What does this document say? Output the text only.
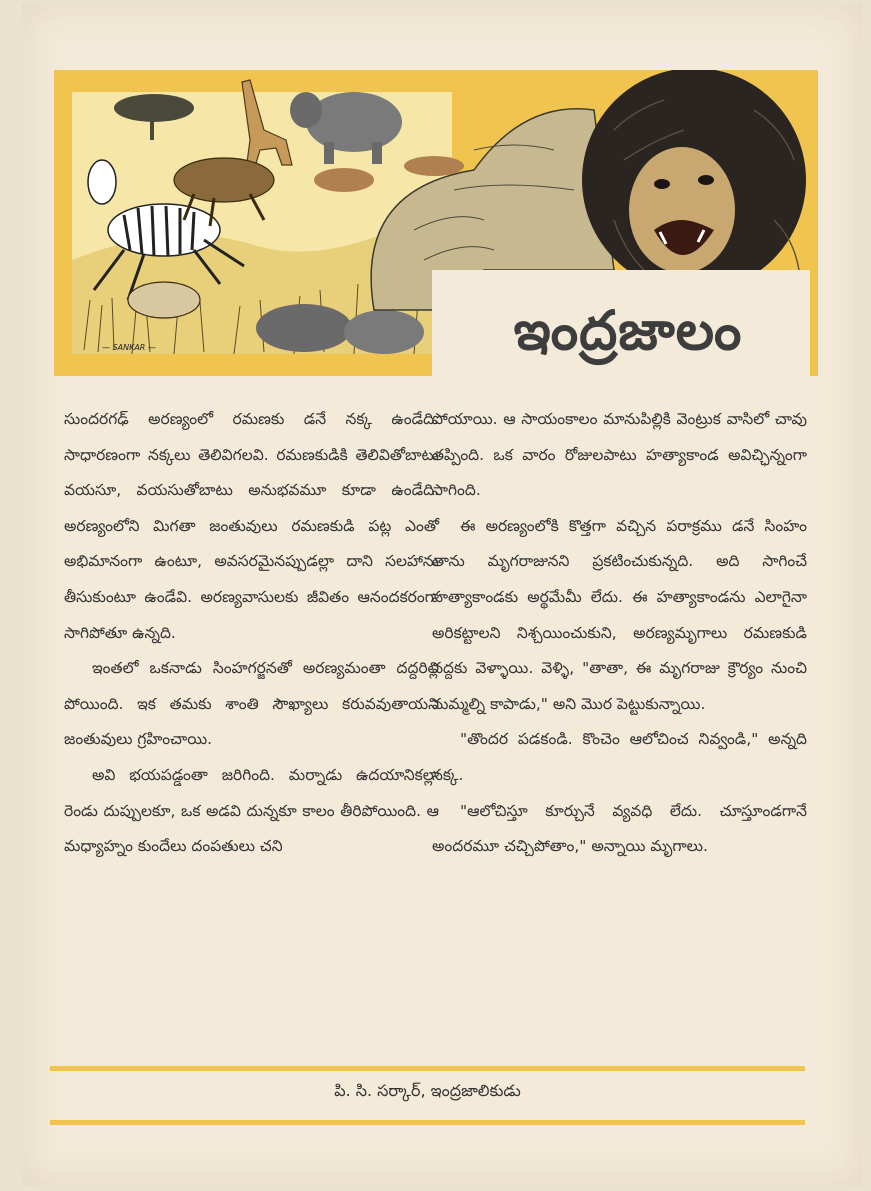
— SANKAR —	ఇంద్రజాలం

సుందరగఢ్ అరణ్యంలో రమణకు డనే నక్క ఉండేది. సాధారణంగా నక్కలు తెలివిగలవి. రమణకుడికి తెలివితోబాటు వయసూ, వయసుతోబాటు అనుభవమూ కూడా ఉండేది. అరణ్యంలోని మిగతా జంతువులు రమణకుడి పట్ల ఎంతో అభిమానంగా ఉంటూ, అవసరమైనప్పుడల్లా దాని సలహాను తీసుకుంటూ ఉండేవి. అరణ్యవాసులకు జీవితం ఆనందకరంగా సాగిపోతూ ఉన్నది.

ఇంతలో ఒకనాడు సింహగర్జనతో అరణ్యమంతా దద్దరిల్లి పోయింది. ఇక తమకు శాంతి సౌఖ్యాలు కరువవుతాయని జంతువులు గ్రహించాయి.

అవి భయపడ్డంతా జరిగింది. మర్నాడు ఉదయానికల్లా రెండు దుప్పులకూ, ఒక అడవి దున్నకూ కాలం తీరిపోయింది. ఆ మధ్యాహ్నం కుందేలు దంపతులు చని

పోయాయి. ఆ సాయంకాలం మానుపిల్లికి వెంట్రుక వాసిలో చావు తప్పింది. ఒక వారం రోజులపాటు హత్యాకాండ అవిచ్ఛిన్నంగా సాగింది.

ఈ అరణ్యంలోకి కొత్తగా వచ్చిన పరాక్రము డనే సింహం తాను మృగరాజునని ప్రకటించుకున్నది. అది సాగించే హత్యాకాండకు అర్థమేమీ లేదు. ఈ హత్యాకాండను ఎలాగైనా అరికట్టాలని నిశ్చయించుకుని, అరణ్యమృగాలు రమణకుడి వద్దకు వెళ్ళాయి. వెళ్ళి, "తాతా, ఈ మృగరాజు క్రౌర్యం నుంచి మమ్మల్ని కాపాడు," అని మొర పెట్టుకున్నాయి.

"తొందర పడకండి. కొంచెం ఆలోచించ నివ్వండి," అన్నది నక్క.

"ఆలోచిస్తూ కూర్చునే వ్యవధి లేదు. చూస్తూండగానే అందరమూ చచ్చిపోతాం," అన్నాయి మృగాలు.

పి. సి. సర్కార్, ఇంద్రజాలికుడు
